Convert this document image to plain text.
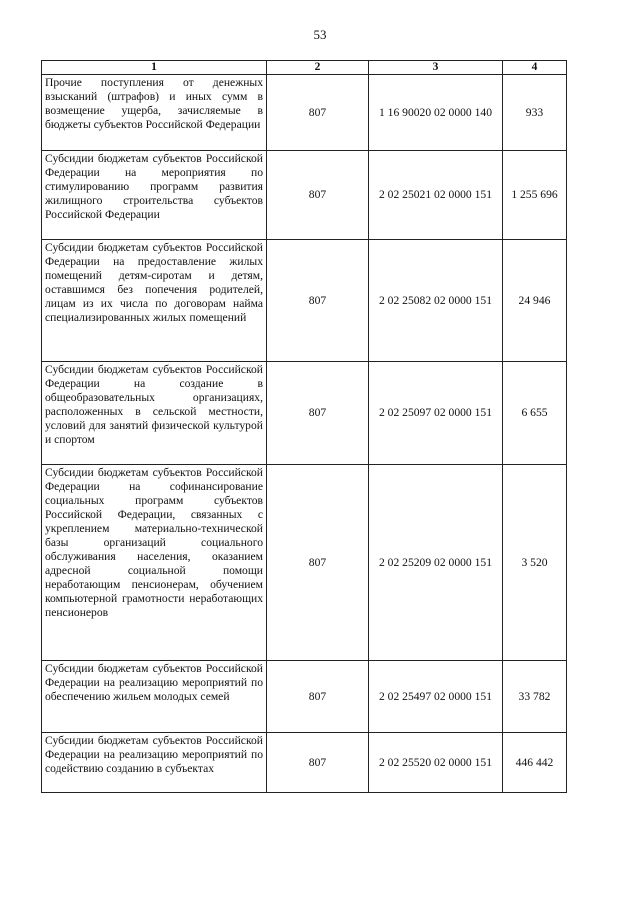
53
1	2	3	4
Прочие поступления от денежных взысканий (штрафов) и иных сумм в возмещение ущерба, зачисляемые в бюджеты субъектов Российской Федерации	807	1 16 90020 02 0000 140	933
Субсидии бюджетам субъектов Российской Федерации на мероприятия по стимулированию программ развития жилищного строительства субъектов Российской Федерации	807	2 02 25021 02 0000 151	1 255 696
Субсидии бюджетам субъектов Российской Федерации на предоставление жилых помещений детям-сиротам и детям, оставшимся без попечения родителей, лицам из их числа по договорам найма специализированных жилых помещений	807	2 02 25082 02 0000 151	24 946
Субсидии бюджетам субъектов Российской Федерации на создание в общеобразовательных организациях, расположенных в сельской местности, условий для занятий физической культурой и спортом	807	2 02 25097 02 0000 151	6 655
Субсидии бюджетам субъектов Российской Федерации на софинансирование социальных программ субъектов Российской Федерации, связанных с укреплением материально-технической базы организаций социального обслуживания населения, оказанием адресной социальной помощи неработающим пенсионерам, обучением компьютерной грамотности неработающих пенсионеров	807	2 02 25209 02 0000 151	3 520
Субсидии бюджетам субъектов Российской Федерации на реализацию мероприятий по обеспечению жильем молодых семей	807	2 02 25497 02 0000 151	33 782
Субсидии бюджетам субъектов Российской Федерации на реализацию мероприятий по содействию созданию в субъектах	807	2 02 25520 02 0000 151	446 442
